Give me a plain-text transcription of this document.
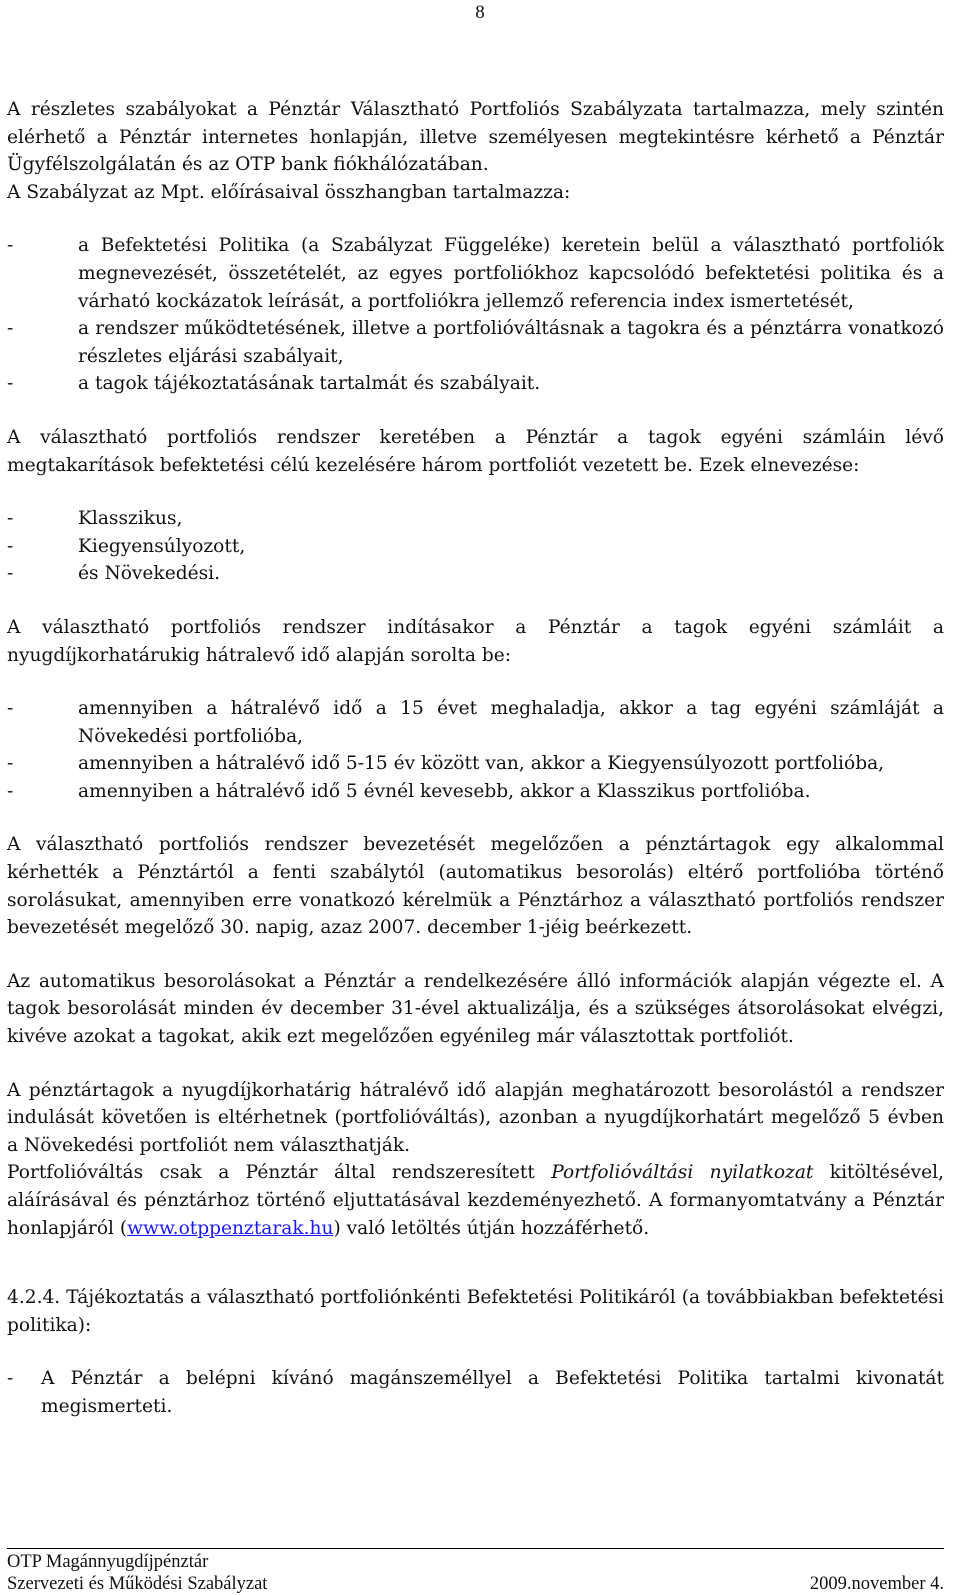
8

A részletes szabályokat a Pénztár Választható Portfoliós Szabályzata tartalmazza, mely szintén elérhető a Pénztár internetes honlapján, illetve személyesen megtekintésre kérhető a Pénztár Ügyfélszolgálatán és az OTP bank fiókhálózatában.

A Szabályzat az Mpt. előírásaival összhangban tartalmazza:

- a Befektetési Politika (a Szabályzat Függeléke) keretein belül a választható portfoliók megnevezését, összetételét, az egyes portfoliókhoz kapcsolódó befektetési politika és a várható kockázatok leírását, a portfoliókra jellemző referencia index ismertetését,
- a rendszer működtetésének, illetve a portfolióváltásnak a tagokra és a pénztárra vonatkozó részletes eljárási szabályait,
- a tagok tájékoztatásának tartalmát és szabályait.

A választható portfoliós rendszer keretében a Pénztár a tagok egyéni számláin lévő megtakarítások befektetési célú kezelésére három portfoliót vezetett be. Ezek elnevezése:

- Klasszikus,
- Kiegyensúlyozott,
- és Növekedési.

A választható portfoliós rendszer indításakor a Pénztár a tagok egyéni számláit a nyugdíjkorhatárukig hátralevő idő alapján sorolta be:

- amennyiben a hátralévő idő a 15 évet meghaladja, akkor a tag egyéni számláját a Növekedési portfolióba,
- amennyiben a hátralévő idő 5-15 év között van, akkor a Kiegyensúlyozott portfolióba,
- amennyiben a hátralévő idő 5 évnél kevesebb, akkor a Klasszikus portfolióba.

A választható portfoliós rendszer bevezetését megelőzően a pénztártagok egy alkalommal kérhették a Pénztártól a fenti szabálytól (automatikus besorolás) eltérő portfolióba történő sorolásukat, amennyiben erre vonatkozó kérelmük a Pénztárhoz a választható portfoliós rendszer bevezetését megelőző 30. napig, azaz 2007. december 1-jéig beérkezett.

Az automatikus besorolásokat a Pénztár a rendelkezésére álló információk alapján végezte el. A tagok besorolását minden év december 31-ével aktualizálja, és a szükséges átsorolásokat elvégzi, kivéve azokat a tagokat, akik ezt megelőzően egyénileg már választottak portfoliót.

A pénztártagok a nyugdíjkorhatárig hátralévő idő alapján meghatározott besorolástól a rendszer indulását követően is eltérhetnek (portfolióváltás), azonban a nyugdíjkorhatárt megelőző 5 évben a Növekedési portfoliót nem választhatják.

Portfolióváltás csak a Pénztár által rendszeresített Portfolióváltási nyilatkozat kitöltésével, aláírásával és pénztárhoz történő eljuttatásával kezdeményezhető. A formanyomtatvány a Pénztár honlapjáról (www.otppenztarak.hu) való letöltés útján hozzáférhető.

4.2.4. Tájékoztatás a választható portfoliónkénti Befektetési Politikáról (a továbbiakban befektetési politika):

- A Pénztár a belépni kívánó magánszeméllyel a Befektetési Politika tartalmi kivonatát megismerteti.
OTP Magánnyugdíjpénztár
Szervezeti és Működési Szabályzat	2009.november 4.
